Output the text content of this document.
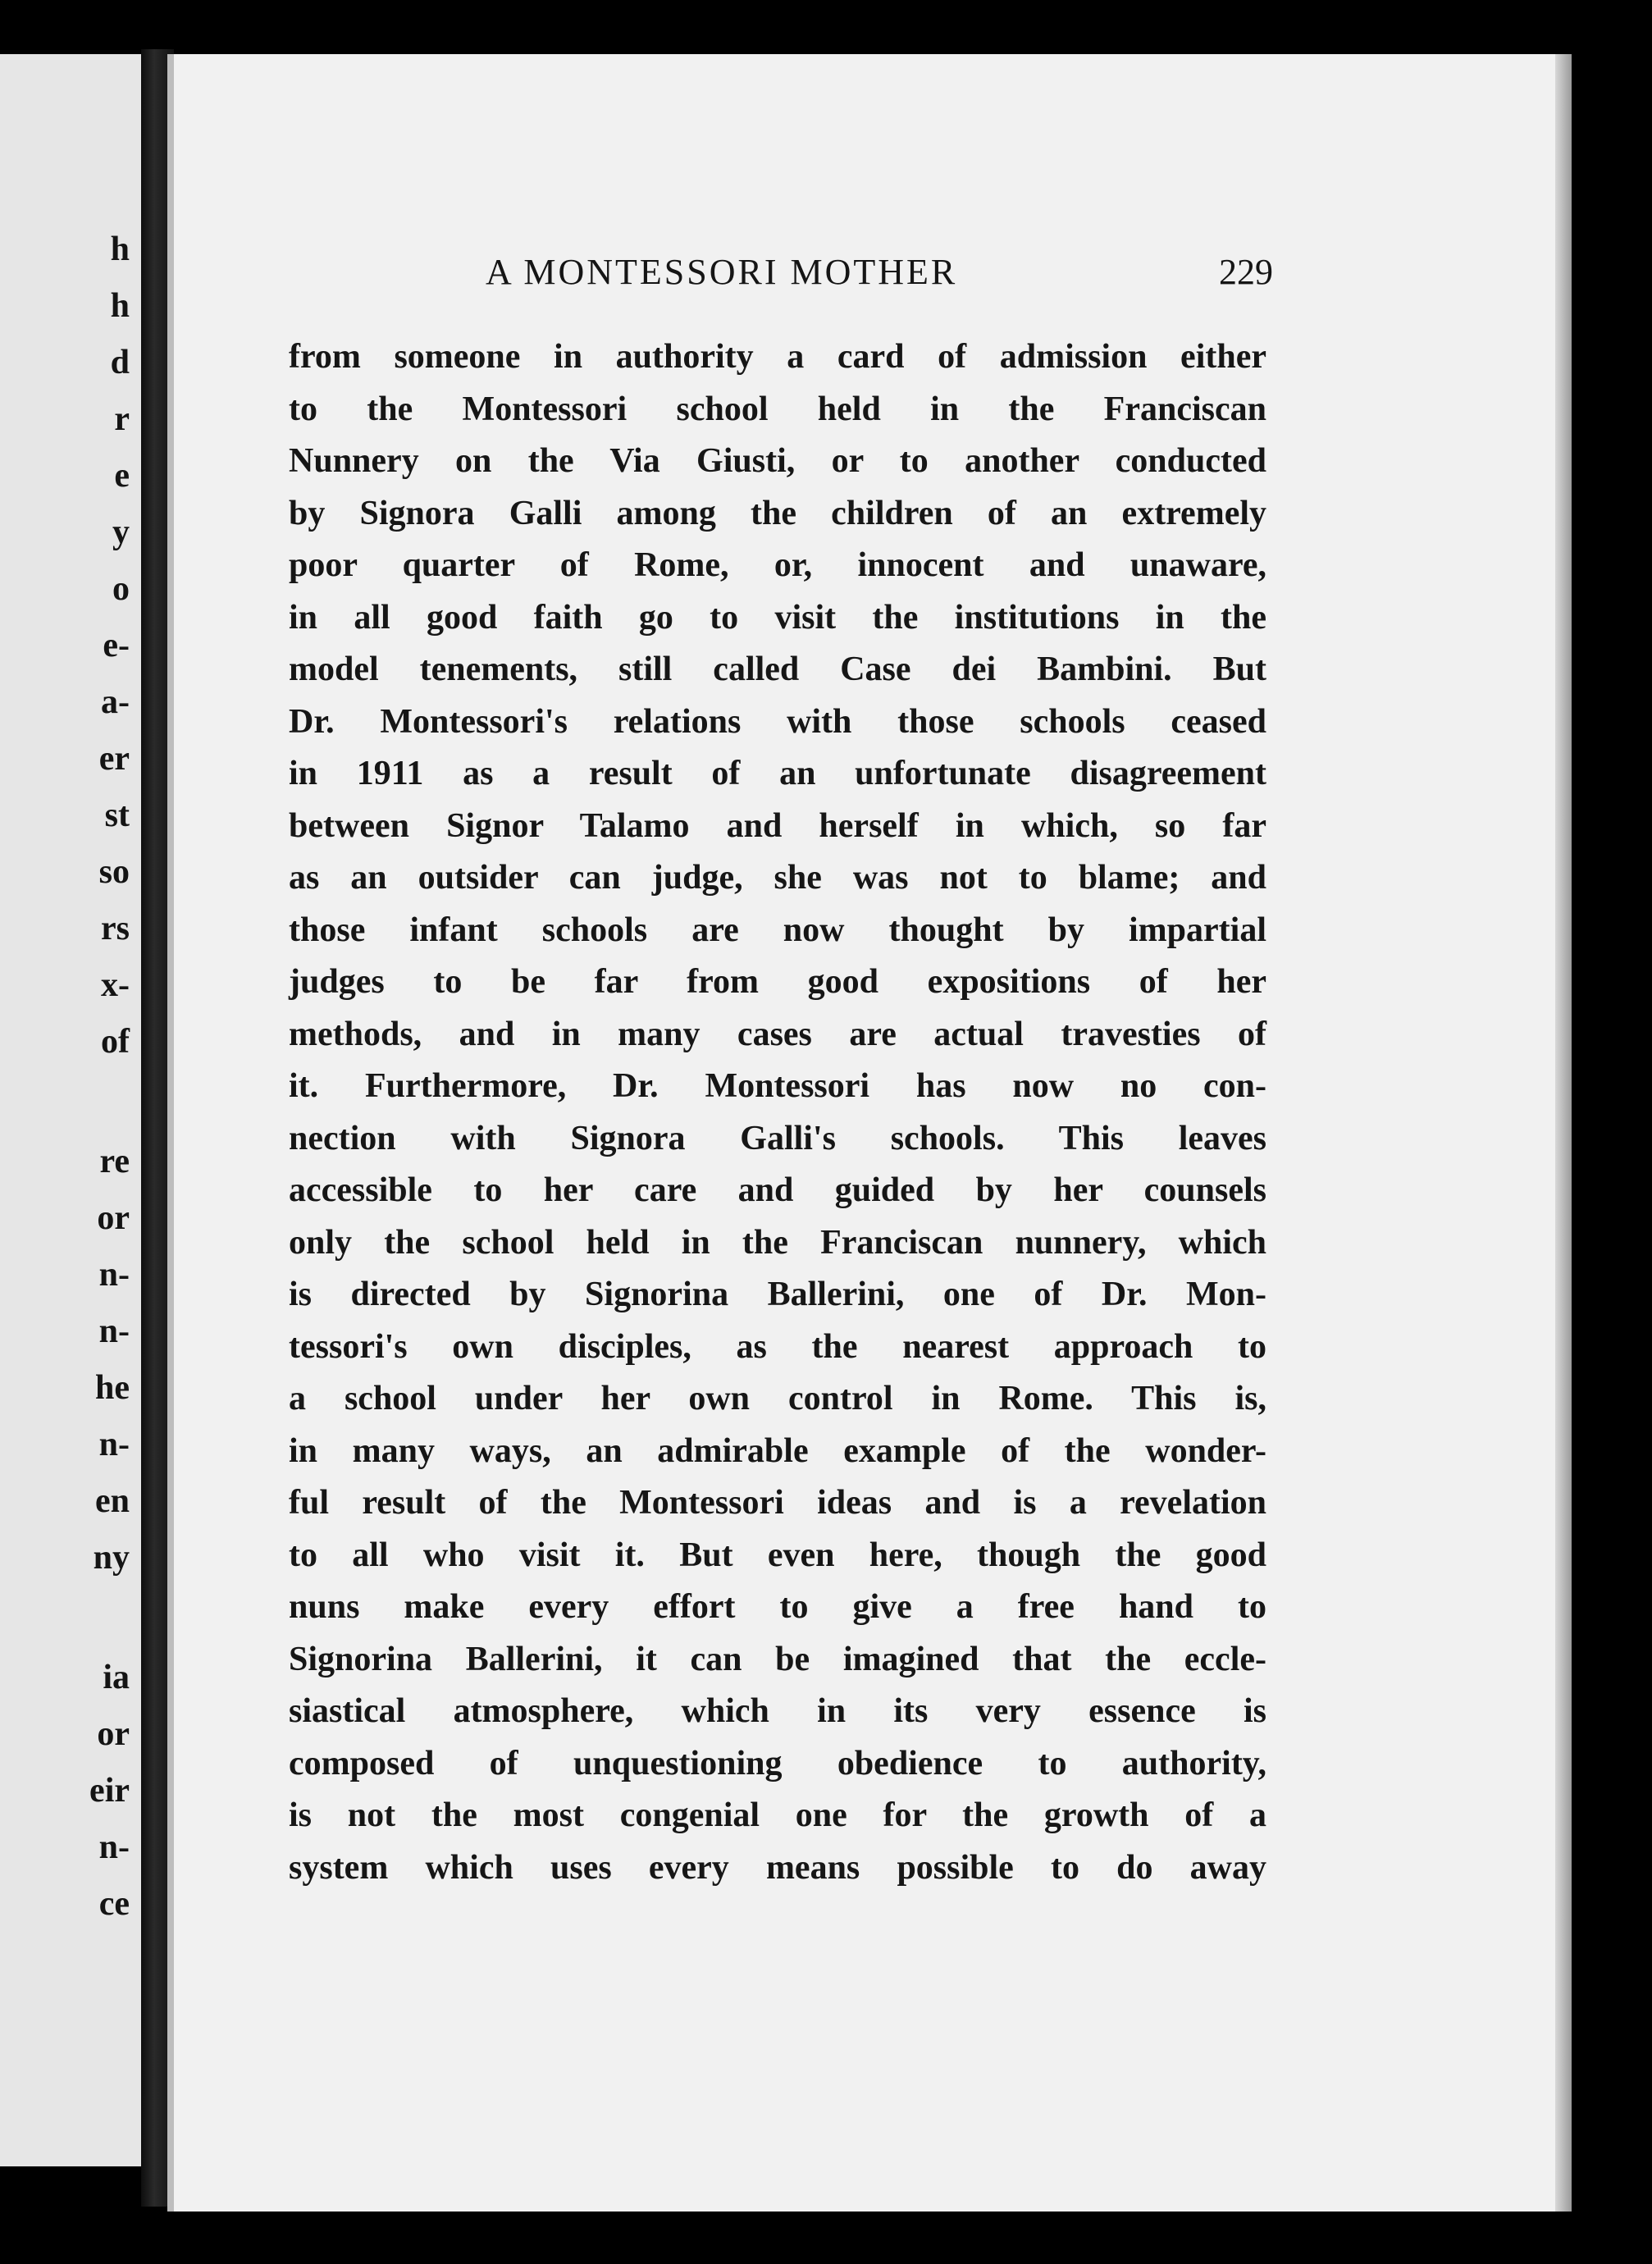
h
h
d
r
e
y
o
e-
a-
er
st
so
rs
x-
of
re
or
n-
n-
he
n-
en
ny
ia
or
eir
n-
ce
A MONTESSORI MOTHER	229
from someone in authority a card of admission either
to the Montessori school held in the Franciscan
Nunnery on the Via Giusti, or to another conducted
by Signora Galli among the children of an extremely
poor quarter of Rome, or, innocent and unaware,
in all good faith go to visit the institutions in the
model tenements, still called Case dei Bambini. But
Dr. Montessori's relations with those schools ceased
in 1911 as a result of an unfortunate disagreement
between Signor Talamo and herself in which, so far
as an outsider can judge, she was not to blame; and
those infant schools are now thought by impartial
judges to be far from good expositions of her
methods, and in many cases are actual travesties of
it. Furthermore, Dr. Montessori has now no con-
nection with Signora Galli's schools. This leaves
accessible to her care and guided by her counsels
only the school held in the Franciscan nunnery, which
is directed by Signorina Ballerini, one of Dr. Mon-
tessori's own disciples, as the nearest approach to
a school under her own control in Rome. This is,
in many ways, an admirable example of the wonder-
ful result of the Montessori ideas and is a revelation
to all who visit it. But even here, though the good
nuns make every effort to give a free hand to
Signorina Ballerini, it can be imagined that the eccle-
siastical atmosphere, which in its very essence is
composed of unquestioning obedience to authority,
is not the most congenial one for the growth of a
system which uses every means possible to do away
